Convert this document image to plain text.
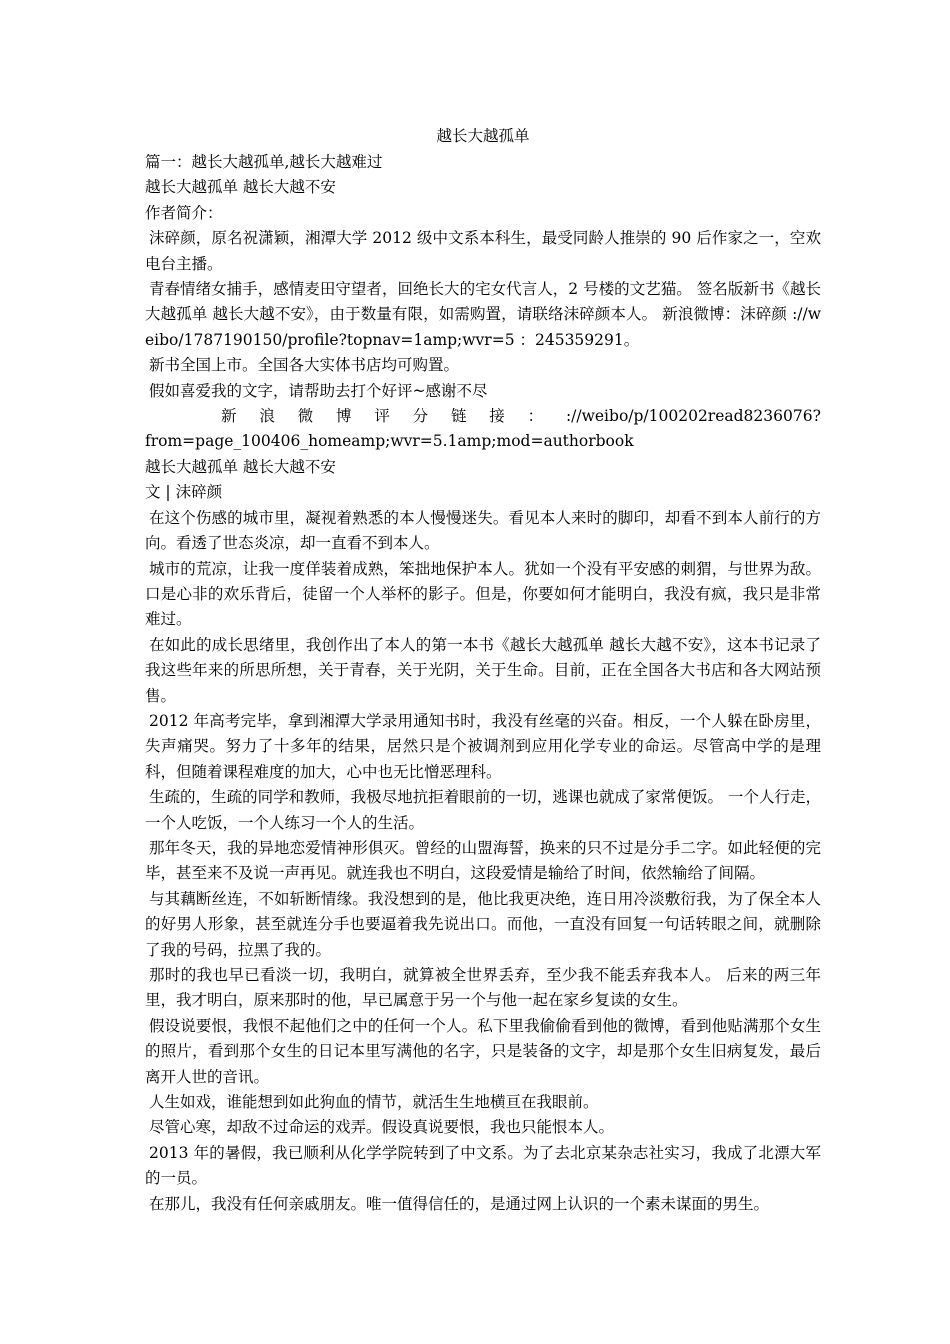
越长大越孤单

篇一：越长大越孤单,越长大越难过

越长大越孤单 越长大越不安

作者简介：

沫碎颜，原名祝潇颖，湘潭大学 2012 级中文系本科生，最受同龄人推崇的 90 后作家之一，空欢电台主播。

青春情绪女捕手，感情麦田守望者，回绝长大的宅女代言人，2 号楼的文艺猫。 签名版新书《越长大越孤单 越长大越不安》，由于数量有限，如需购置，请联络沫碎颜本人。 新浪微博：沫碎颜 ://weibo/1787190150/profile?topnav=1amp;wvr=5 ：245359291。

新书全国上市。全国各大实体书店均可购置。

假如喜爱我的文字，请帮助去打个好评~感谢不尽

新 浪 微 博 评 分 链 接 ： ://weibo/p/100202read8236076?

from=page_100406_homeamp;wvr=5.1amp;mod=authorbook

越长大越孤单 越长大越不安

文 | 沫碎颜

在这个伤感的城市里，凝视着熟悉的本人慢慢迷失。看见本人来时的脚印，却看不到本人前行的方向。看透了世态炎凉，却一直看不到本人。

城市的荒凉，让我一度佯装着成熟，笨拙地保护本人。犹如一个没有平安感的刺猬，与世界为敌。口是心非的欢乐背后，徒留一个人举杯的影子。但是，你要如何才能明白，我没有疯，我只是非常难过。

在如此的成长思绪里，我创作出了本人的第一本书《越长大越孤单 越长大越不安》，这本书记录了我这些年来的所思所想，关于青春，关于光阴，关于生命。目前，正在全国各大书店和各大网站预售。

2012 年高考完毕，拿到湘潭大学录用通知书时，我没有丝毫的兴奋。相反，一个人躲在卧房里，失声痛哭。努力了十多年的结果，居然只是个被调剂到应用化学专业的命运。尽管高中学的是理科，但随着课程难度的加大，心中也无比憎恶理科。

生疏的，生疏的同学和教师，我极尽地抗拒着眼前的一切，逃课也就成了家常便饭。 一个人行走，一个人吃饭，一个人练习一个人的生活。

那年冬天，我的异地恋爱情神形俱灭。曾经的山盟海誓，换来的只不过是分手二字。如此轻便的完毕，甚至来不及说一声再见。就连我也不明白，这段爱情是输给了时间，依然输给了间隔。

与其藕断丝连，不如斩断情缘。我没想到的是，他比我更决绝，连日用冷淡敷衍我，为了保全本人的好男人形象，甚至就连分手也要逼着我先说出口。而他，一直没有回复一句话转眼之间，就删除了我的号码，拉黑了我的。

那时的我也早已看淡一切，我明白，就算被全世界丢弃，至少我不能丢弃我本人。 后来的两三年里，我才明白，原来那时的他，早已属意于另一个与他一起在家乡复读的女生。

假设说要恨，我恨不起他们之中的任何一个人。私下里我偷偷看到他的微博，看到他贴满那个女生的照片，看到那个女生的日记本里写满他的名字，只是装备的文字，却是那个女生旧病复发，最后离开人世的音讯。

人生如戏，谁能想到如此狗血的情节，就活生生地横亘在我眼前。

尽管心寒，却敌不过命运的戏弄。假设真说要恨，我也只能恨本人。

2013 年的暑假，我已顺利从化学学院转到了中文系。为了去北京某杂志社实习，我成了北漂大军的一员。

在那儿，我没有任何亲戚朋友。唯一值得信任的，是通过网上认识的一个素未谋面的男生。
